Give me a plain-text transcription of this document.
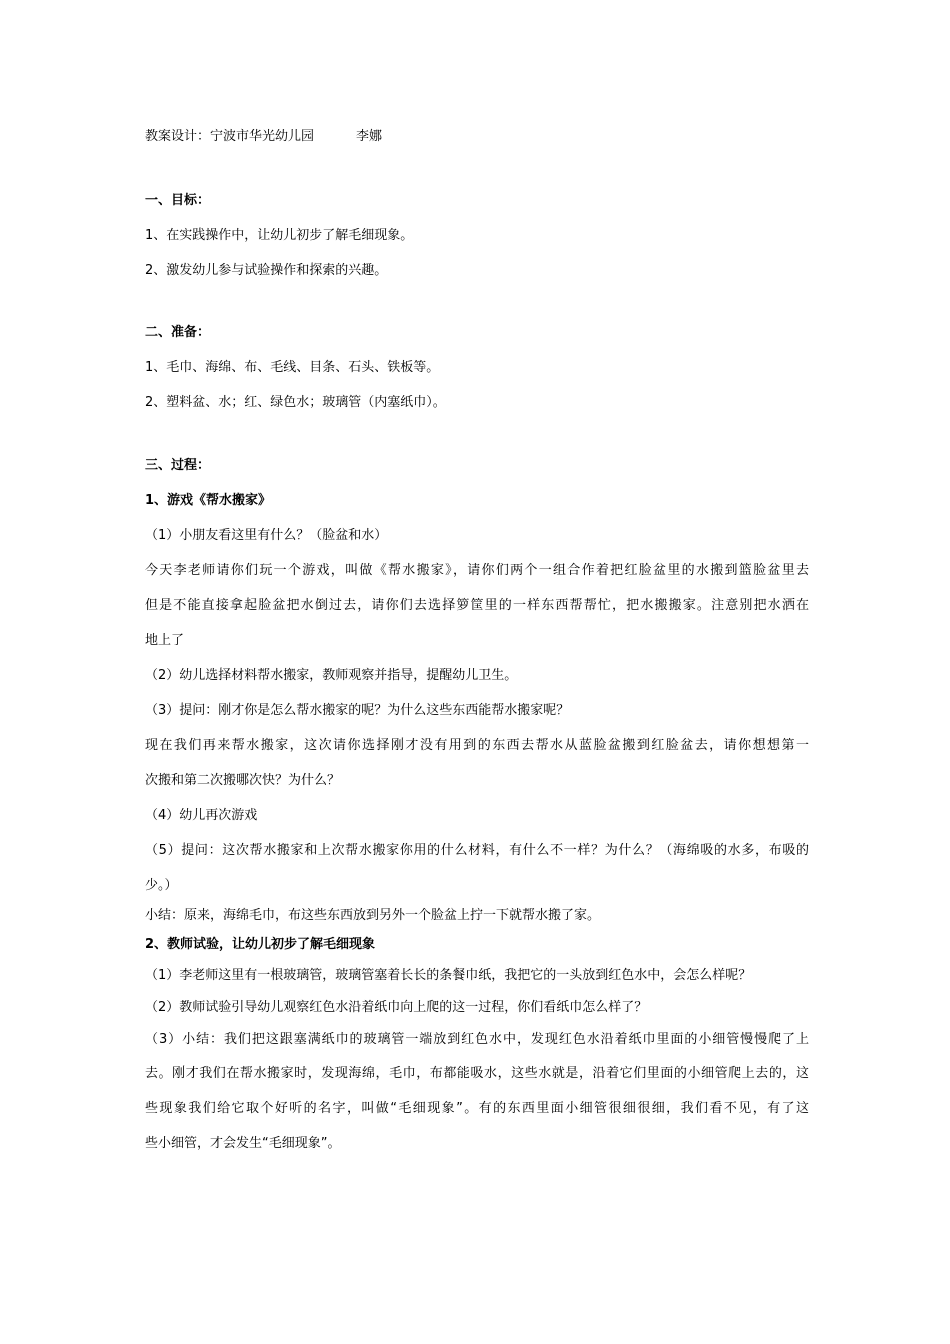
教案设计：宁波市华光幼儿园	李娜
一、目标：
1、在实践操作中，让幼儿初步了解毛细现象。
2、激发幼儿参与试验操作和探索的兴趣。
二、准备：
1、毛巾、海绵、布、毛线、目条、石头、铁板等。
2、塑料盆、水；红、绿色水；玻璃管（内塞纸巾）。
三、过程：
1、游戏《帮水搬家》
（1）小朋友看这里有什么？（脸盆和水）
今天李老师请你们玩一个游戏，叫做《帮水搬家》，请你们两个一组合作着把红脸盆里的水搬到篮脸盆里去
但是不能直接拿起脸盆把水倒过去，请你们去选择箩筐里的一样东西帮帮忙，把水搬搬家。注意别把水洒在
地上了
（2）幼儿选择材料帮水搬家，教师观察并指导，提醒幼儿卫生。
（3）提问：刚才你是怎么帮水搬家的呢？为什么这些东西能帮水搬家呢？
现在我们再来帮水搬家，这次请你选择刚才没有用到的东西去帮水从蓝脸盆搬到红脸盆去，请你想想第一
次搬和第二次搬哪次快？为什么？
（4）幼儿再次游戏
（5）提问：这次帮水搬家和上次帮水搬家你用的什么材料，有什么不一样？为什么？（海绵吸的水多，布吸的
少。）
小结：原来，海绵毛巾，布这些东西放到另外一个脸盆上拧一下就帮水搬了家。
2、教师试验，让幼儿初步了解毛细现象
（1）李老师这里有一根玻璃管，玻璃管塞着长长的条餐巾纸，我把它的一头放到红色水中，会怎么样呢？
（2）教师试验引导幼儿观察红色水沿着纸巾向上爬的这一过程，你们看纸巾怎么样了？
（3）小结：我们把这跟塞满纸巾的玻璃管一端放到红色水中，发现红色水沿着纸巾里面的小细管慢慢爬了上
去。刚才我们在帮水搬家时，发现海绵，毛巾，布都能吸水，这些水就是，沿着它们里面的小细管爬上去的，这
些现象我们给它取个好听的名字，叫做“毛细现象”。有的东西里面小细管很细很细，我们看不见，有了这
些小细管，才会发生“毛细现象”。
